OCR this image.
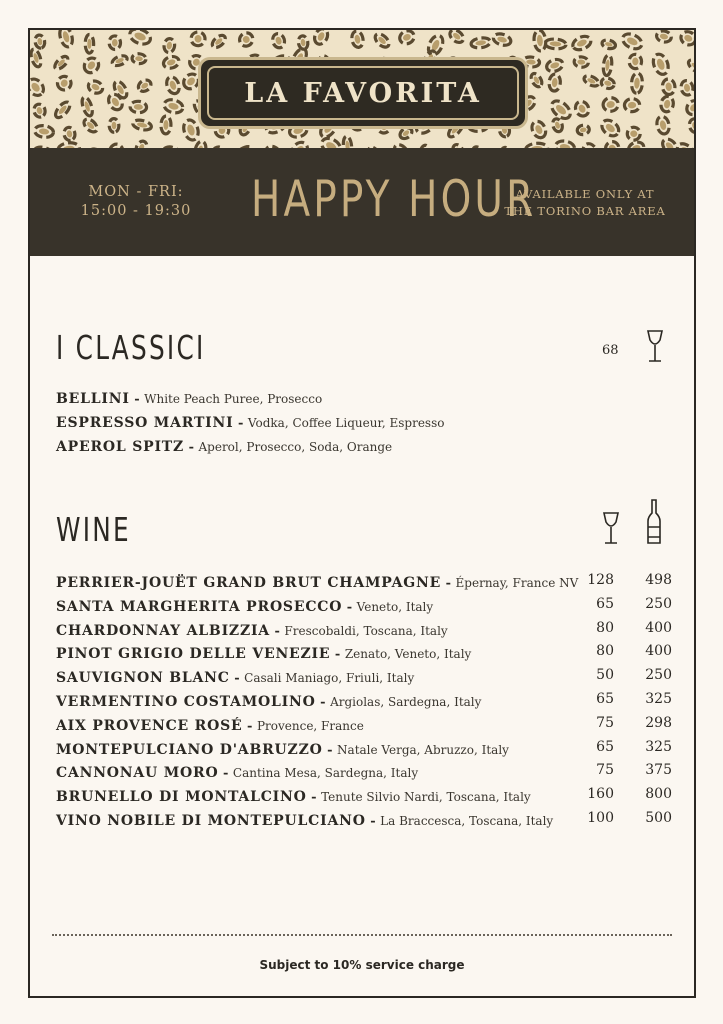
LA FAVORITA
MON - FRI:
15:00 - 19:30 HAPPY HOUR
AVAILABLE ONLY AT
THE TORINO BAR AREA
I CLASSICI	68
BELLINI - White Peach Puree, Prosecco
ESPRESSO MARTINI - Vodka, Coffee Liqueur, Espresso
APEROL SPITZ - Aperol, Prosecco, Soda, Orange
WINE
PERRIER-JOUËT GRAND BRUT CHAMPAGNE - Épernay, France NV 128	498
SANTA MARGHERITA PROSECCO - Veneto, Italy	65	250
CHARDONNAY ALBIZZIA - Frescobaldi, Toscana, Italy	80	400
PINOT GRIGIO DELLE VENEZIE - Zenato, Veneto, Italy	80	400
SAUVIGNON BLANC - Casali Maniago, Friuli, Italy	50	250
VERMENTINO COSTAMOLINO - Argiolas, Sardegna, Italy	65	325
AIX PROVENCE ROSÉ - Provence, France	75	298
MONTEPULCIANO D'ABRUZZO - Natale Verga, Abruzzo, Italy	65	325
CANNONAU MORO - Cantina Mesa, Sardegna, Italy	75	375
BRUNELLO DI MONTALCINO - Tenute Silvio Nardi, Toscana, Italy	160	800
VINO NOBILE DI MONTEPULCIANO - La Braccesca, Toscana, Italy	100	500
Subject to 10% service charge
